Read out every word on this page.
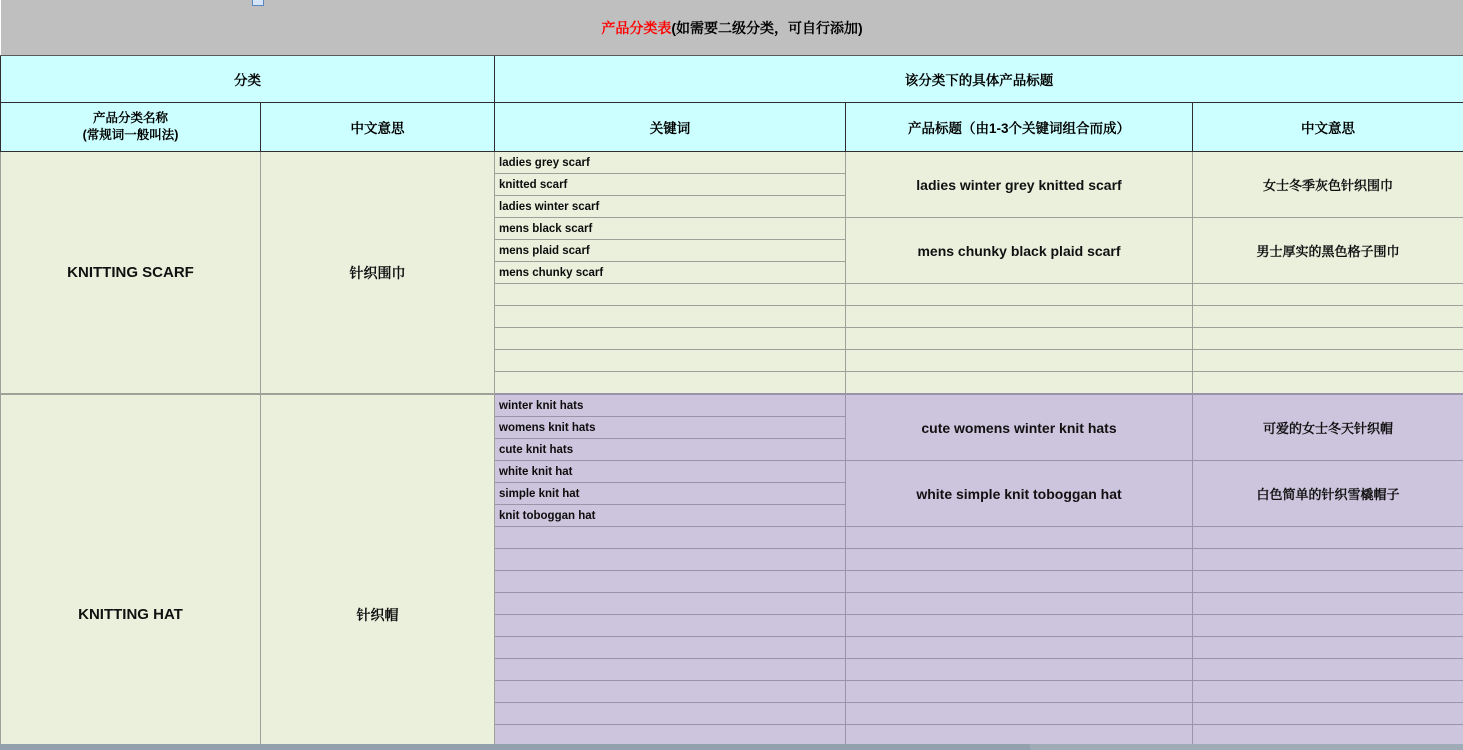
产品分类表(如需要二级分类，可自行添加)				
分类		该分类下的具体产品标题		

产品分类名称
(常规词一般叫法)	中文意思	关键词	产品标题（由1-3个关键词组合而成）	中文意思
KNITTING SCARF	针织围巾	ladies grey scarf	ladies winter grey knitted scarf	女士冬季灰色针织围巾
		knitted scarf		
		ladies winter scarf		
		mens black scarf	mens chunky black plaid scarf	男士厚实的黑色格子围巾
		mens plaid scarf		
		mens chunky scarf		

KNITTING HAT	针织帽	winter knit hats	cute womens winter knit hats	可爱的女士冬天针织帽
		womens knit hats		
		cute knit hats		
		white knit hat	white simple knit toboggan hat	白色简单的针织雪橇帽子
		simple knit hat		
		knit toboggan hat		
